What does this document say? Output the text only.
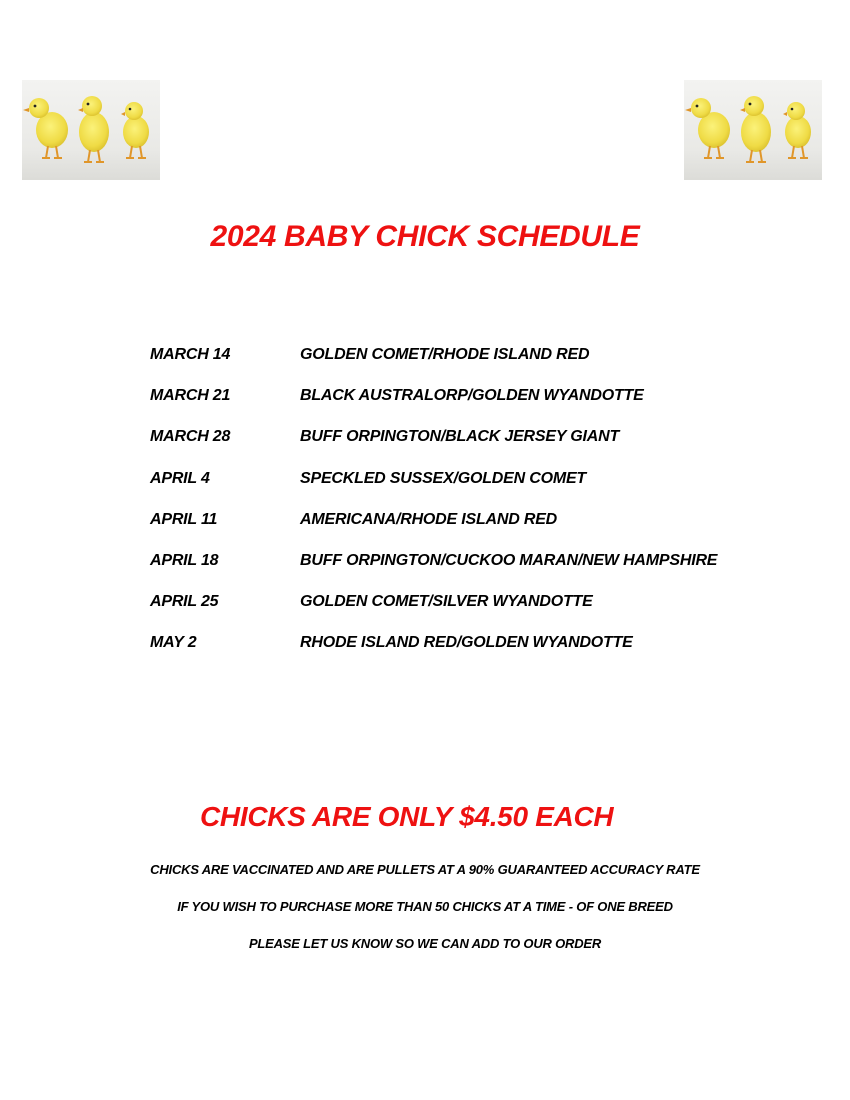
2024 BABY CHICK SCHEDULE
MARCH 14	GOLDEN COMET/RHODE ISLAND RED
MARCH 21	BLACK AUSTRALORP/GOLDEN WYANDOTTE
MARCH 28	BUFF ORPINGTON/BLACK JERSEY GIANT
APRIL 4	SPECKLED SUSSEX/GOLDEN COMET
APRIL 11	AMERICANA/RHODE ISLAND RED
APRIL 18	BUFF ORPINGTON/CUCKOO MARAN/NEW HAMPSHIRE
APRIL 25	GOLDEN COMET/SILVER WYANDOTTE
MAY 2	RHODE ISLAND RED/GOLDEN WYANDOTTE
CHICKS ARE ONLY $4.50 EACH
CHICKS ARE VACCINATED AND ARE PULLETS AT A 90% GUARANTEED ACCURACY RATE
IF YOU WISH TO PURCHASE MORE THAN 50 CHICKS AT A TIME - OF ONE BREED
PLEASE LET US KNOW SO WE CAN ADD TO OUR ORDER
